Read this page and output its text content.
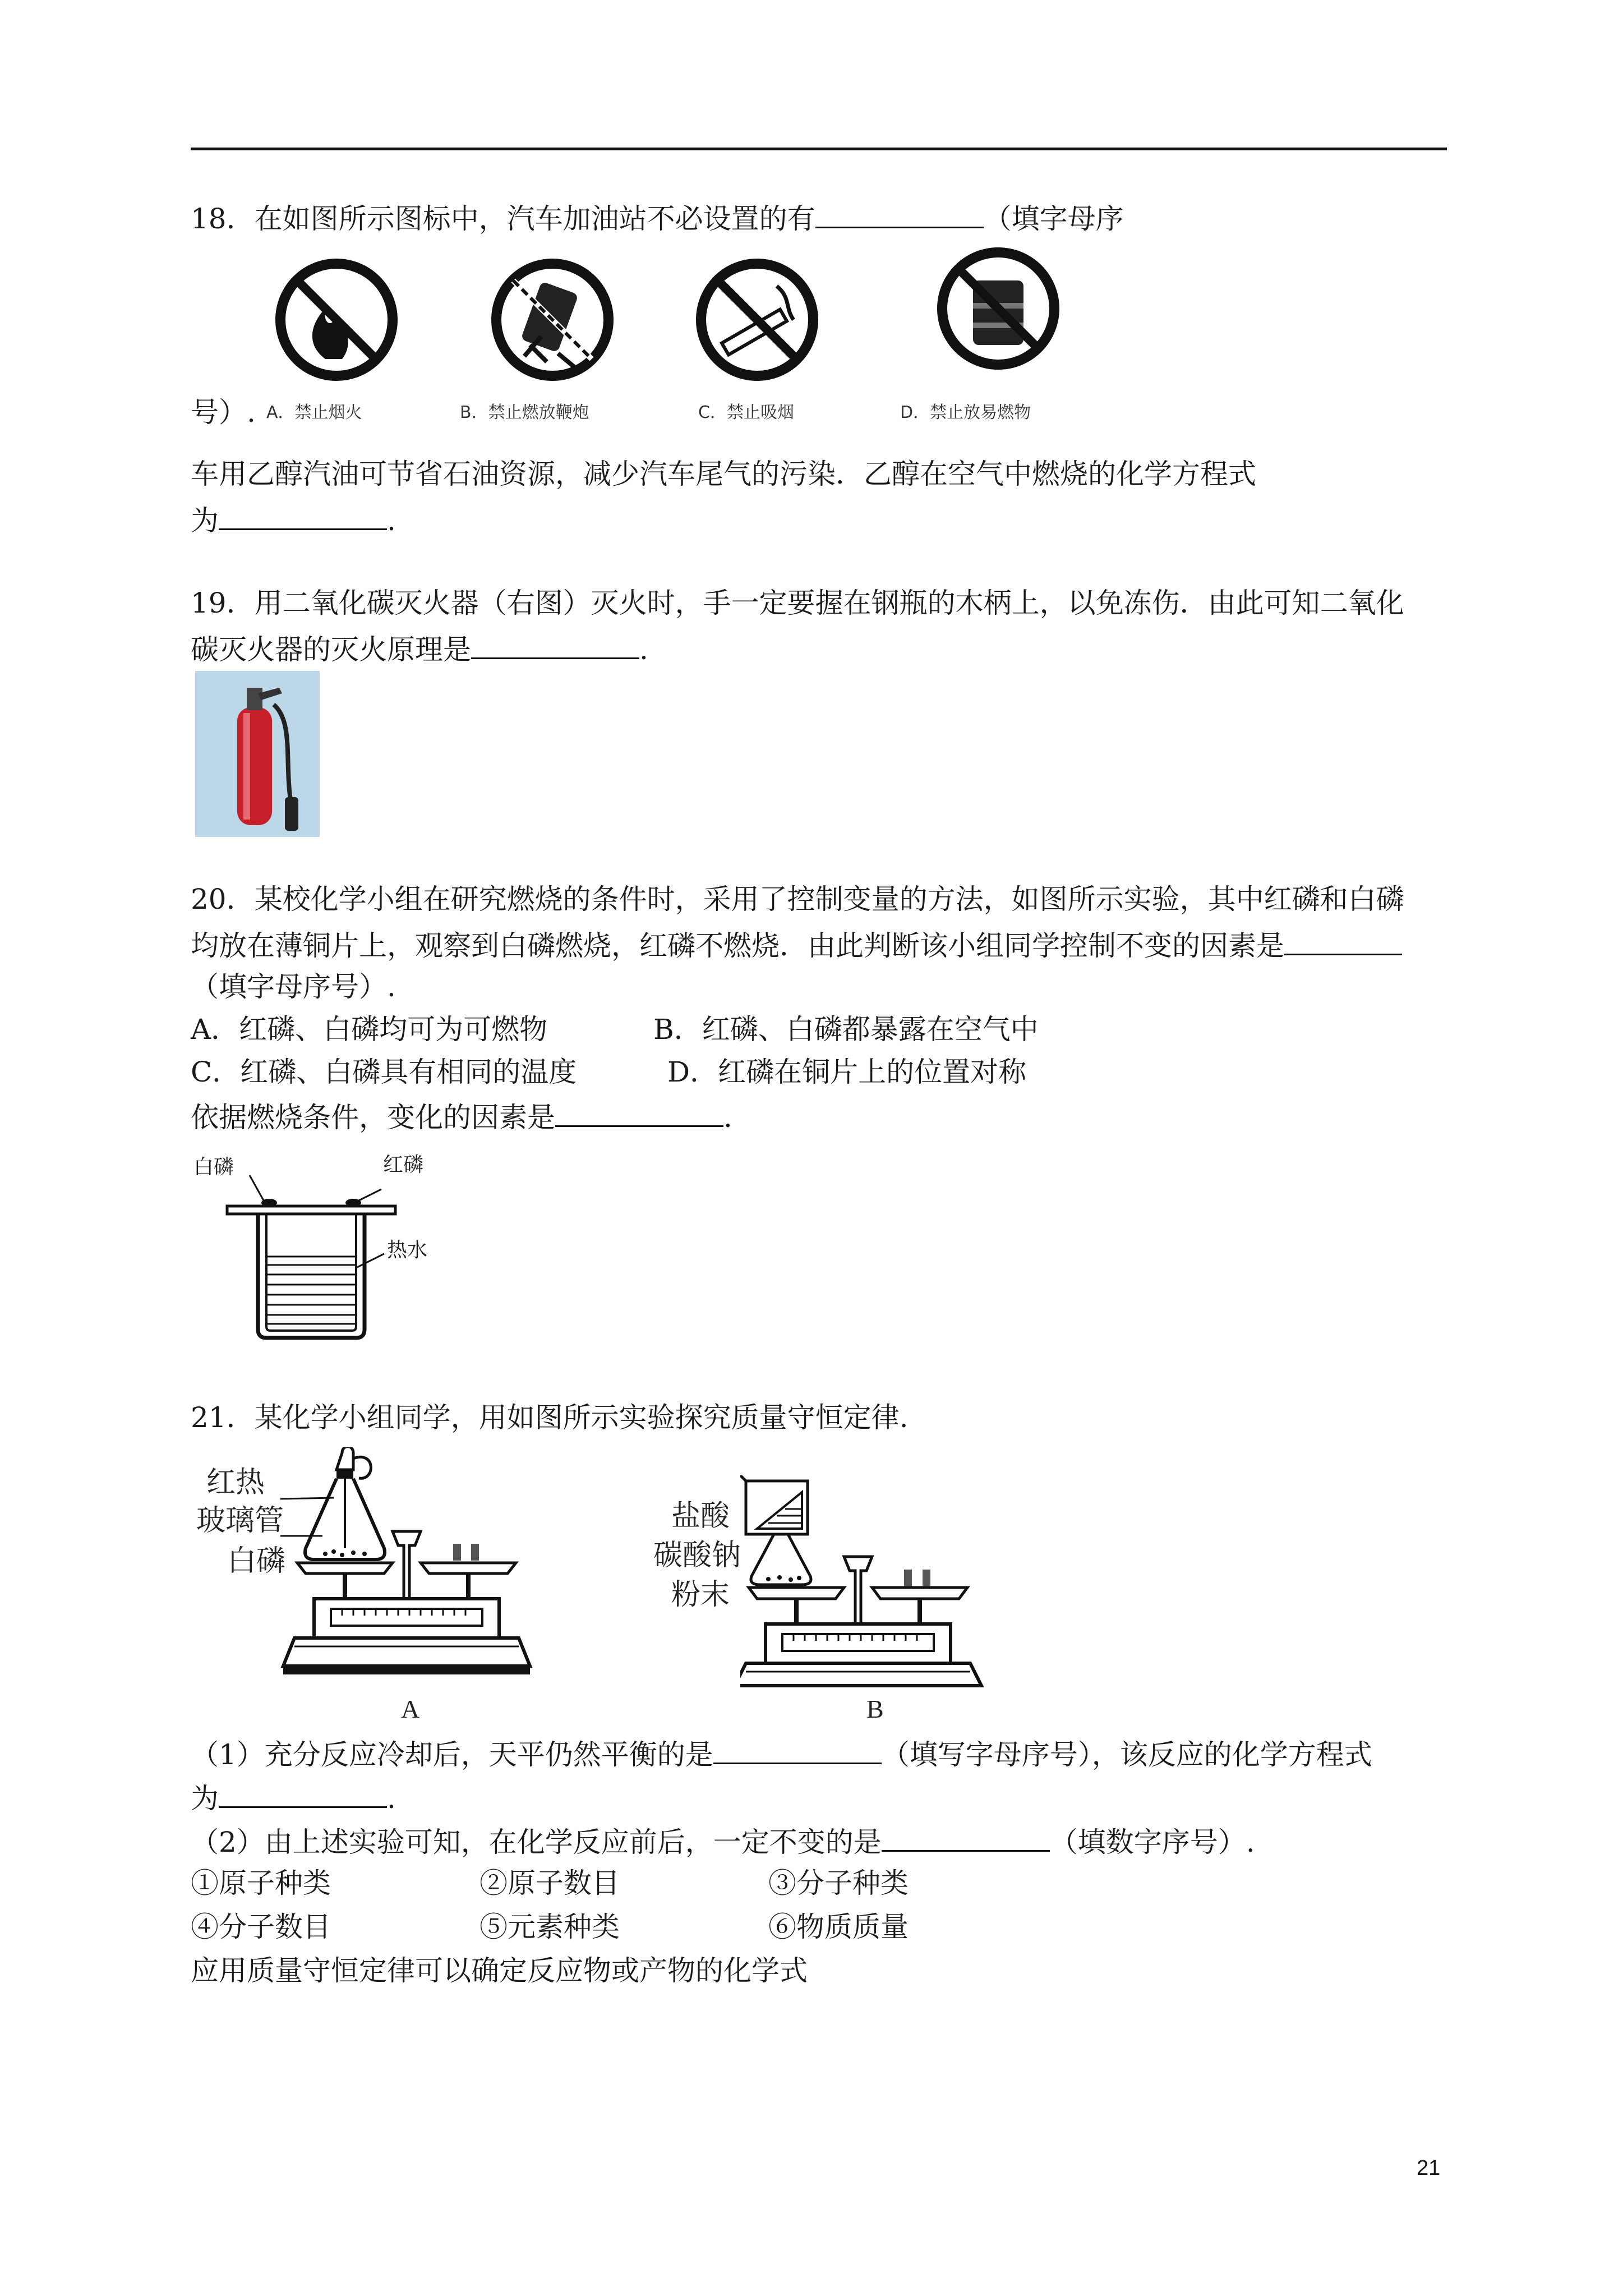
18．在如图所示图标中，汽车加油站不必设置的有	（填字母序
号）. A．禁止烟火	B．禁止燃放鞭炮	C．禁止吸烟	D．禁止放易燃物
车用乙醇汽油可节省石油资源，减少汽车尾气的污染．乙醇在空气中燃烧的化学方程式
为	.
19．用二氧化碳灭火器（右图）灭火时，手一定要握在钢瓶的木柄上，以免冻伤．由此可知二氧化
碳灭火器的灭火原理是	.
20．某校化学小组在研究燃烧的条件时，采用了控制变量的方法，如图所示实验，其中红磷和白磷
均放在薄铜片上，观察到白磷燃烧，红磷不燃烧．由此判断该小组同学控制不变的因素是
（填字母序号）.
A．红磷、白磷均可为可燃物	B．红磷、白磷都暴露在空气中
C．红磷、白磷具有相同的温度	D．红磷在铜片上的位置对称
依据燃烧条件，变化的因素是	.
白磷	红磷
热水
21．某化学小组同学，用如图所示实验探究质量守恒定律.
红热
玻璃管
白磷
A
盐酸
碳酸钠
粉末
B
（1）充分反应冷却后，天平仍然平衡的是	（填写字母序号），该反应的化学方程式
为	.
（2）由上述实验可知，在化学反应前后，一定不变的是	（填数字序号）.
①原子种类	②原子数目	③分子种类
④分子数目	⑤元素种类	⑥物质质量
应用质量守恒定律可以确定反应物或产物的化学式
21
